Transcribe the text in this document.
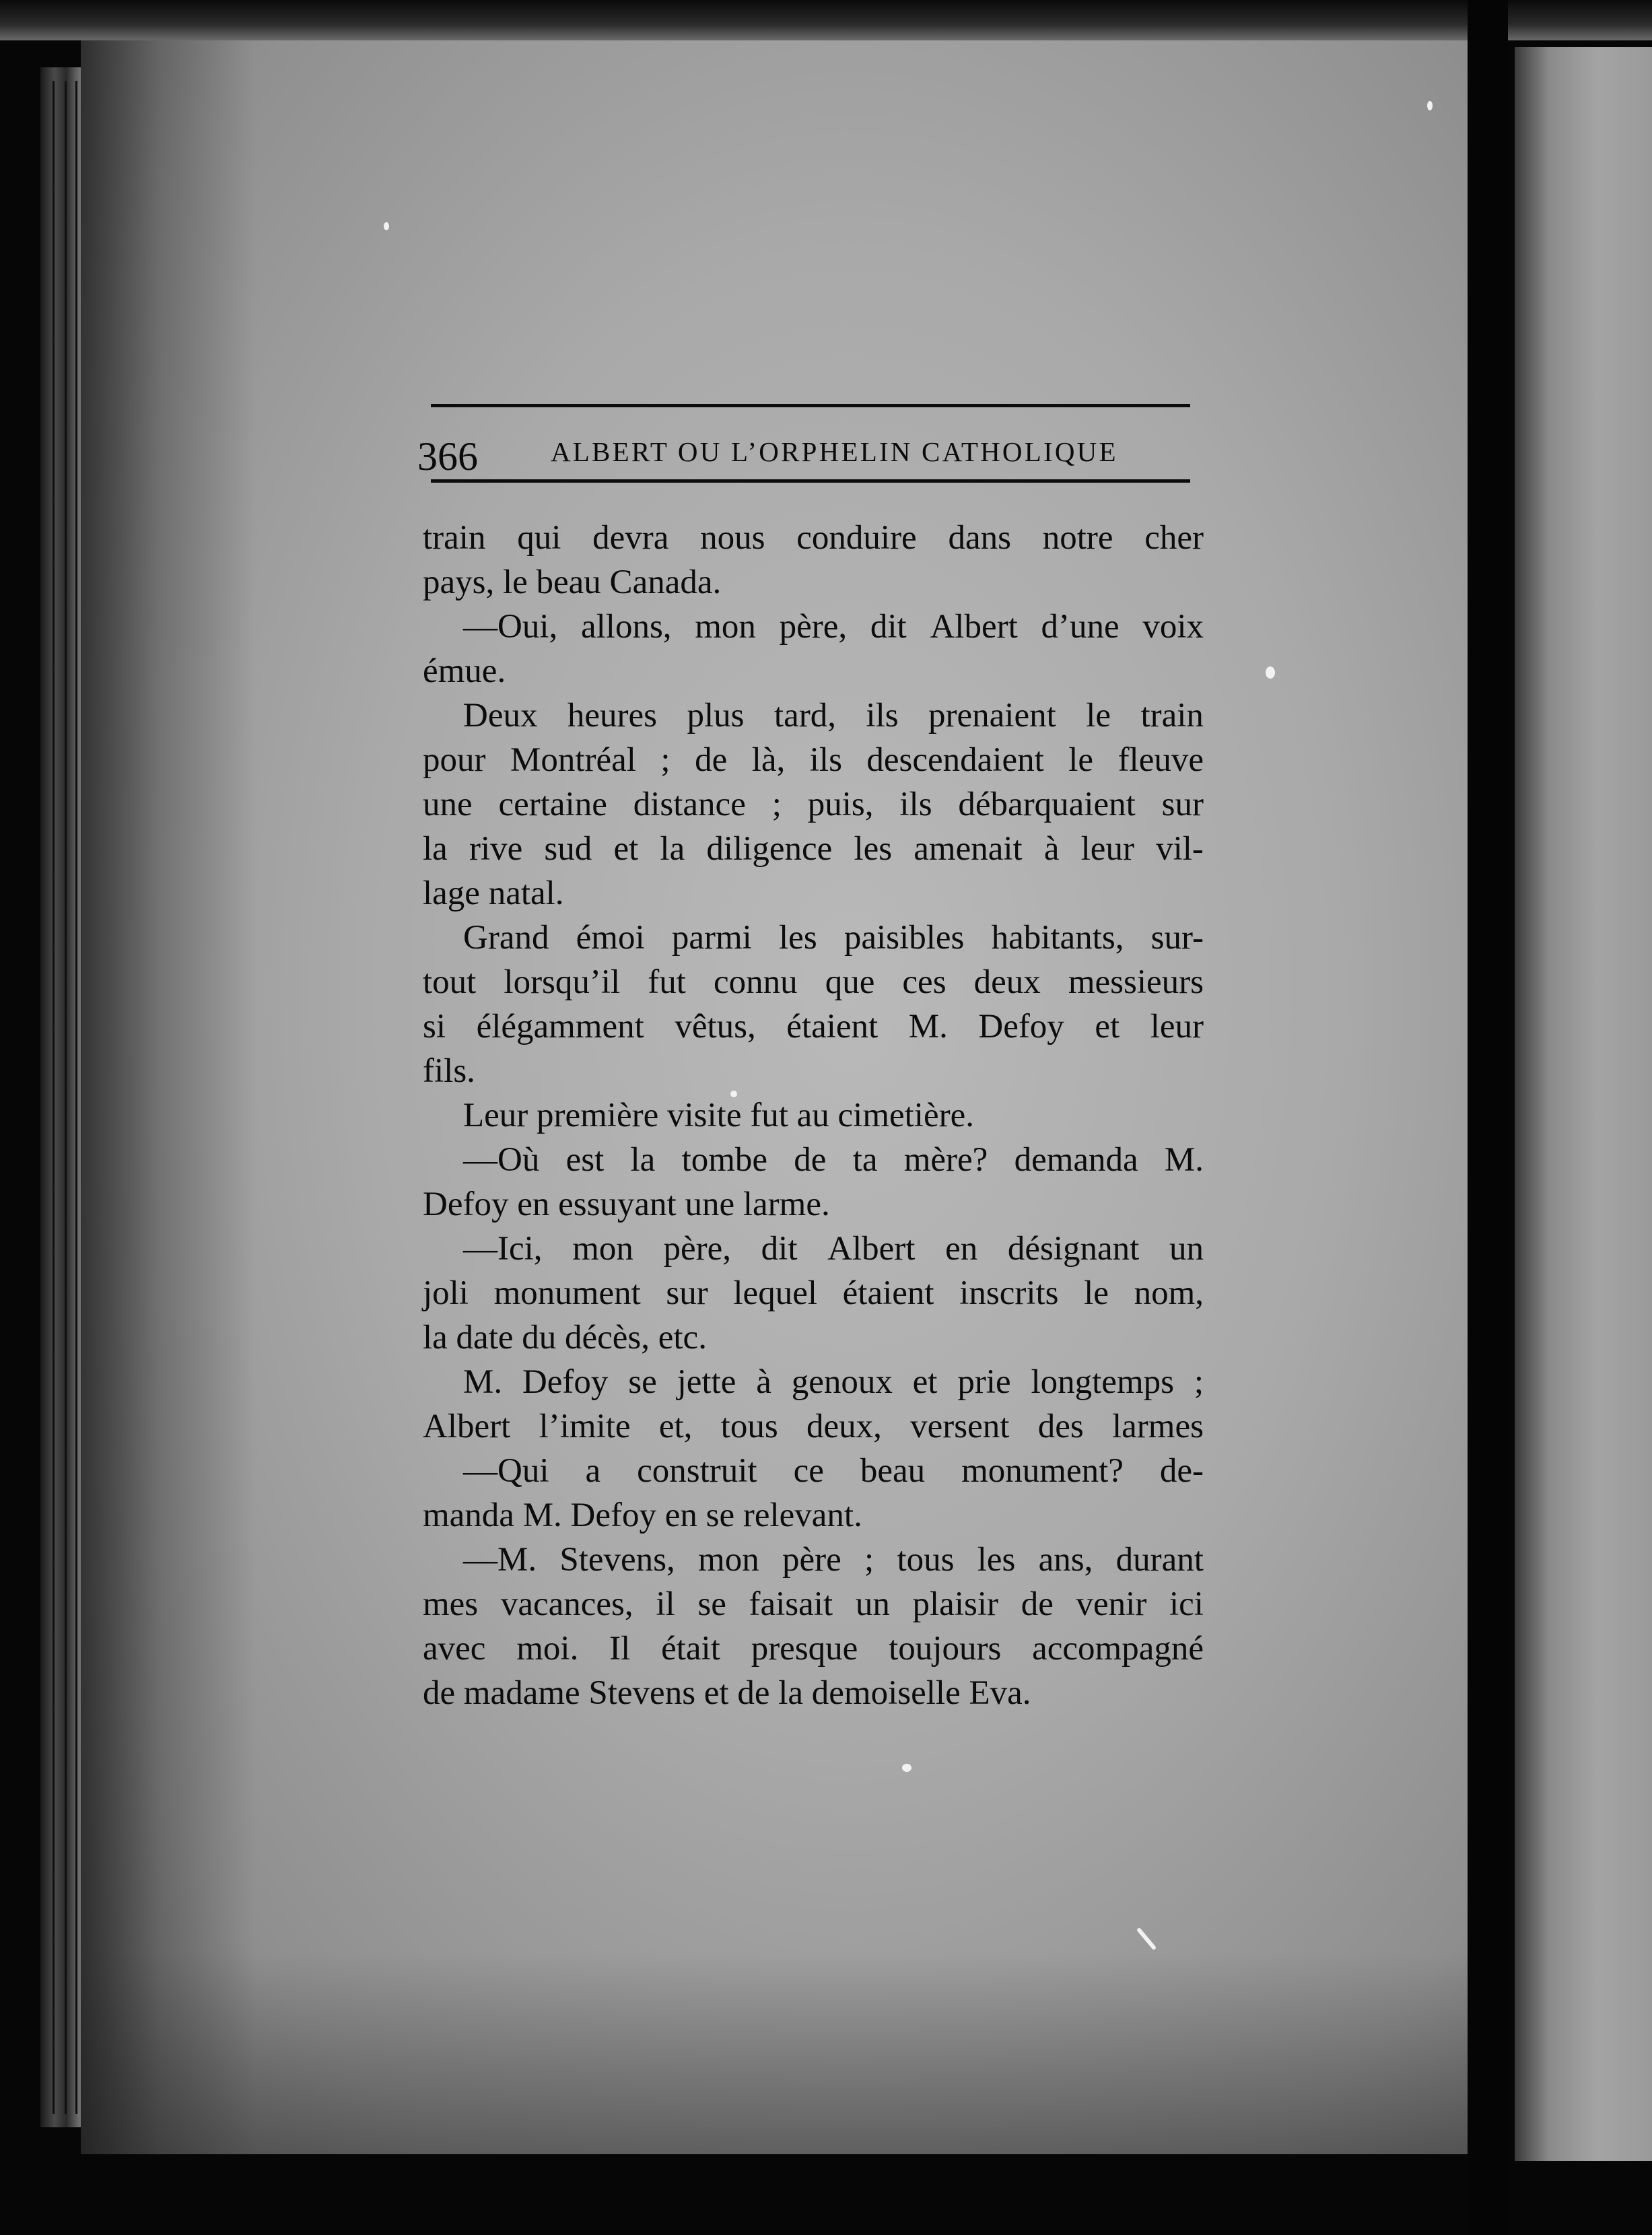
366	ALBERT OU L’ORPHELIN CATHOLIQUE
train qui devra nous conduire dans notre cher
pays, le beau Canada.
—Oui, allons, mon père, dit Albert d’une voix
émue.
Deux heures plus tard, ils prenaient le train
pour Montréal ; de là, ils descendaient le fleuve
une certaine distance ; puis, ils débarquaient sur
la rive sud et la diligence les amenait à leur vil-
lage natal.
Grand émoi parmi les paisibles habitants, sur-
tout lorsqu’il fut connu que ces deux messieurs
si élégamment vêtus, étaient M. Defoy et leur
fils.
Leur première visite fut au cimetière.
—Où est la tombe de ta mère? demanda M.
Defoy en essuyant une larme.
—Ici, mon père, dit Albert en désignant un
joli monument sur lequel étaient inscrits le nom,
la date du décès, etc.
M. Defoy se jette à genoux et prie longtemps ;
Albert l’imite et, tous deux, versent des larmes
—Qui a construit ce beau monument? de-
manda M. Defoy en se relevant.
—M. Stevens, mon père ; tous les ans, durant
mes vacances, il se faisait un plaisir de venir ici
avec moi. Il était presque toujours accompagné
de madame Stevens et de la demoiselle Eva.
